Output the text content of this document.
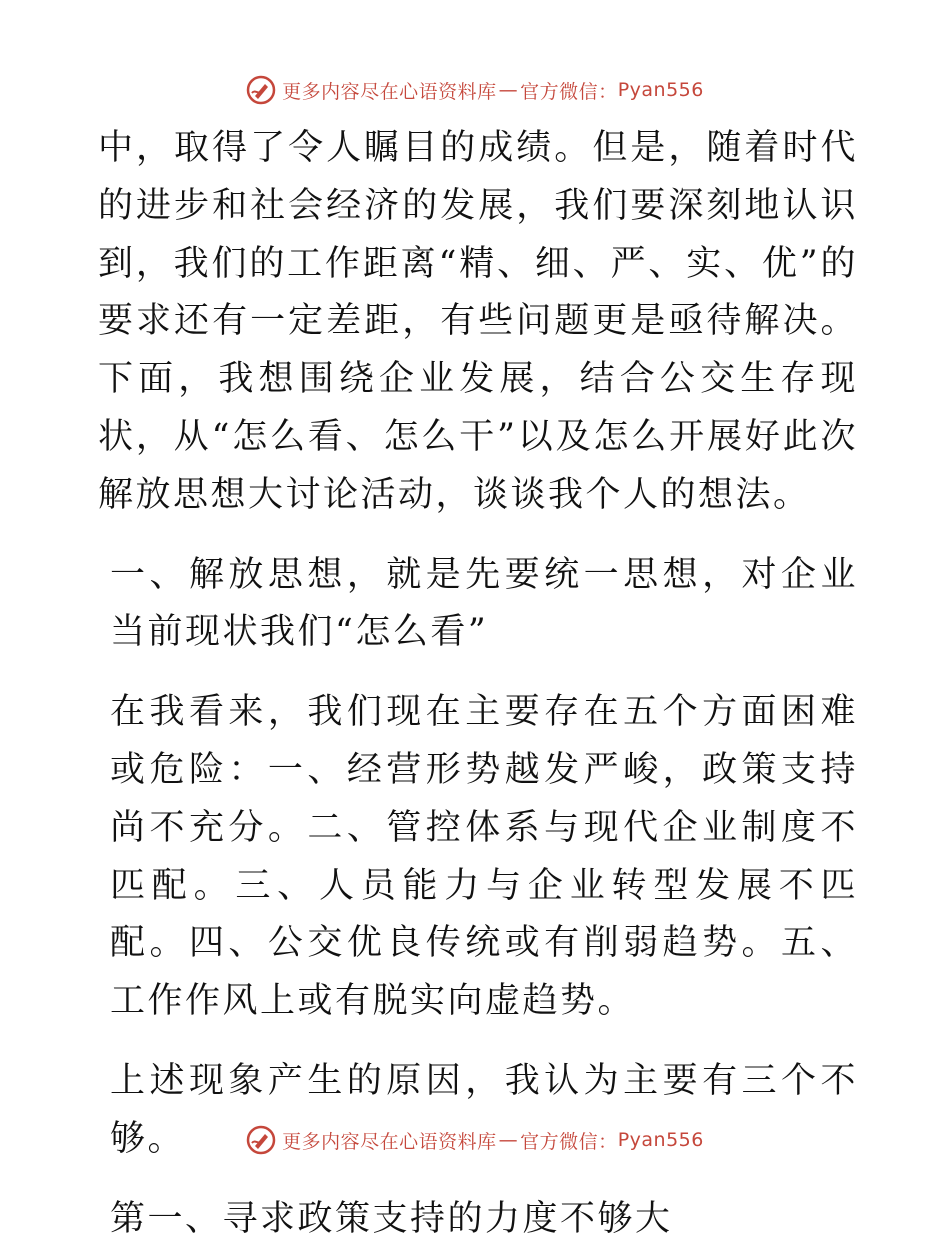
更多内容尽在心语资料库 — 官方微信： Pyan556

中，取得了令人瞩目的成绩。但是，随着时代的进步和社会经济的发展，我们要深刻地认识到，我们的工作距离“精、细、严、实、优”的要求还有一定差距，有些问题更是亟待解决。下面，我想围绕企业发展，结合公交生存现状，从“怎么看、怎么干”以及怎么开展好此次解放思想大讨论活动，谈谈我个人的想法。

一、解放思想，就是先要统一思想，对企业当前现状我们“怎么看”

在我看来，我们现在主要存在五个方面困难或危险：一、经营形势越发严峻，政策支持尚不充分。二、管控体系与现代企业制度不匹配。三、人员能力与企业转型发展不匹配。四、公交优良传统或有削弱趋势。五、工作作风上或有脱实向虚趋势。

上述现象产生的原因，我认为主要有三个不够。

第一、寻求政策支持的力度不够大

更多内容尽在心语资料库 — 官方微信： Pyan556
